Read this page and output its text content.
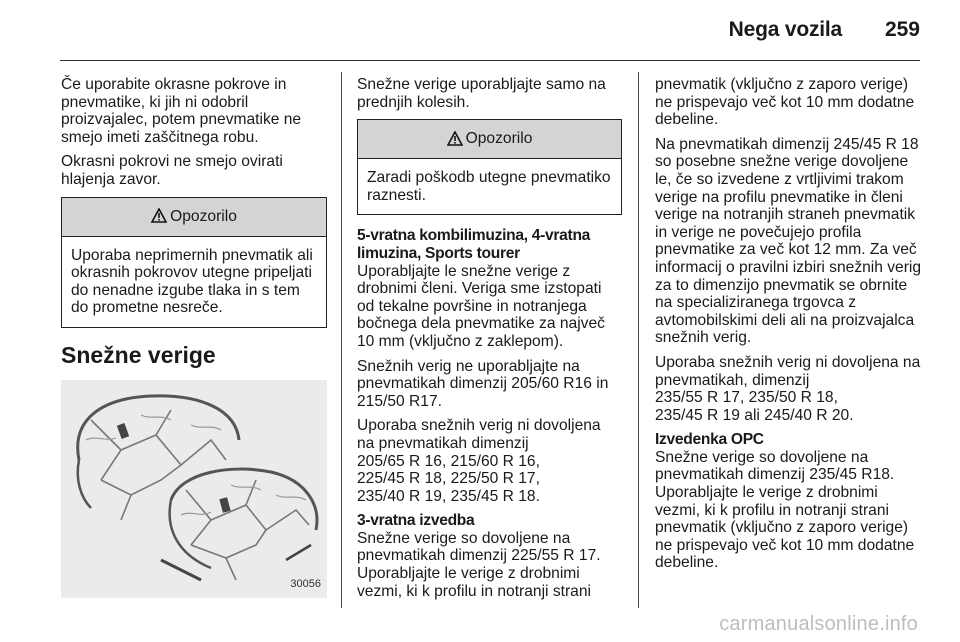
Nega vozila 259

Če uporabite okrasne pokrove in pnevmatike, ki jih ni odobril proizvajalec, potem pnevmatike ne smejo imeti zaščitnega robu.

Okrasni pokrovi ne smejo ovirati hlajenja zavor.

Opozorilo
Uporaba neprimernih pnevmatik ali okrasnih pokrovov utegne pripeljati do nenadne izgube tlaka in s tem do prometne nesreče.
Snežne verige
30056

Snežne verige uporabljajte samo na prednjih kolesih.

Opozorilo
Zaradi poškodb utegne pnevmatiko raznesti.
5-vratna kombilimuzina, 4-vratna limuzina, Sports tourer

Uporabljajte le snežne verige z drobnimi členi. Veriga sme izstopati od tekalne površine in notranjega bočnega dela pnevmatike za največ 10 mm (vključno z zaklepom).

Snežnih verig ne uporabljajte na pnevmatikah dimenzij 205/60 R16 in 215/50 R17.

Uporaba snežnih verig ni dovoljena na pnevmatikah dimenzij
205/65 R 16, 215/60 R 16,
225/45 R 18, 225/50 R 17,
235/40 R 19, 235/45 R 18.

3-vratna izvedba

Snežne verige so dovoljene na pnevmatikah dimenzij 225/55 R 17. Uporabljajte le verige z drobnimi vezmi, ki k profilu in notranji strani

pnevmatik (vključno z zaporo verige) ne prispevajo več kot 10 mm dodatne debeline.

Na pnevmatikah dimenzij 245/45 R 18 so posebne snežne verige dovoljene le, če so izvedene z vrtljivimi trakom verige na profilu pnevmatike in členi verige na notranjih straneh pnevmatik in verige ne povečujejo profila pnevmatike za več kot 12 mm. Za več informacij o pravilni izbiri snežnih verig za to dimenzijo pnevmatik se obrnite na specializiranega trgovca z avtomobilskimi deli ali na proizvajalca snežnih verig.

Uporaba snežnih verig ni dovoljena na pnevmatikah, dimenzij
235/55 R 17, 235/50 R 18,
235/45 R 19 ali 245/40 R 20.

Izvedenka OPC

Snežne verige so dovoljene na pnevmatikah dimenzij 235/45 R18. Uporabljajte le verige z drobnimi vezmi, ki k profilu in notranji strani pnevmatik (vključno z zaporo verige) ne prispevajo več kot 10 mm dodatne debeline.

carmanualsonline.info
